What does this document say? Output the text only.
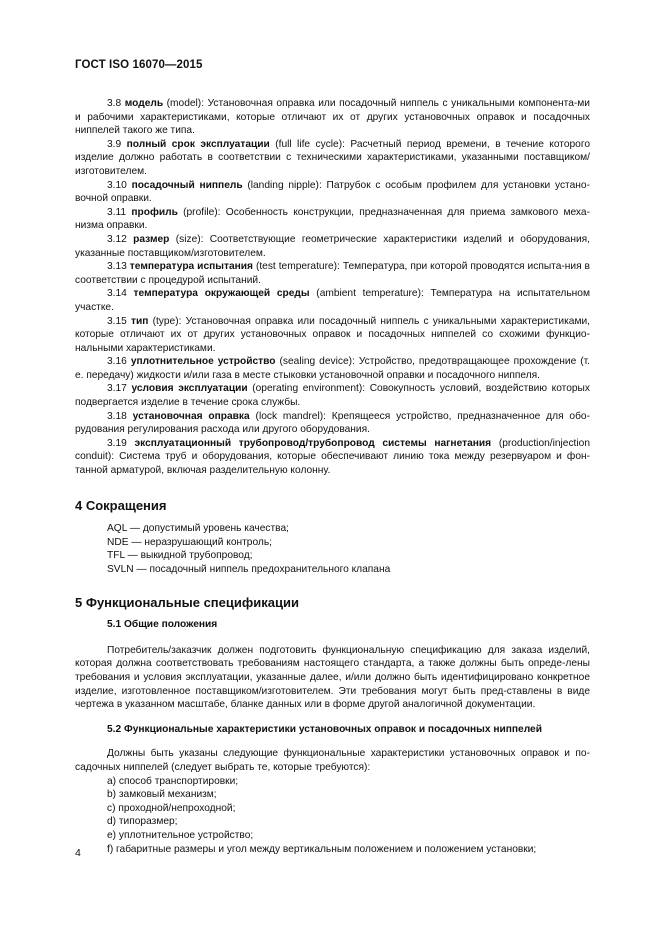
ГОСТ ISO 16070—2015

3.8 модель (model): Установочная оправка или посадочный ниппель с уникальными компонента-ми и рабочими характеристиками, которые отличают их от других установочных оправок и посадочных ниппелей такого же типа.

3.9 полный срок эксплуатации (full life cycle): Расчетный период времени, в течение которого изделие должно работать в соответствии с техническими характеристиками, указанными поставщиком/изготовителем.

3.10 посадочный ниппель (landing nipple): Патрубок с особым профилем для установки устано-вочной оправки.

3.11 профиль (profile): Особенность конструкции, предназначенная для приема замкового меха-низма оправки.

3.12 размер (size): Соответствующие геометрические характеристики изделий и оборудования, указанные поставщиком/изготовителем.

3.13 температура испытания (test temperature): Температура, при которой проводятся испыта-ния в соответствии с процедурой испытаний.

3.14 температура окружающей среды (ambient temperature): Температура на испытательном участке.

3.15 тип (type): Установочная оправка или посадочный ниппель с уникальными характеристиками, которые отличают их от других установочных оправок и посадочных ниппелей со схожими функцио-нальными характеристиками.

3.16 уплотнительное устройство (sealing device): Устройство, предотвращающее прохождение (т. е. передачу) жидкости и/или газа в месте стыковки установочной оправки и посадочного ниппеля.

3.17 условия эксплуатации (operating environment): Совокупность условий, воздействию которых подвергается изделие в течение срока службы.

3.18 установочная оправка (lock mandrel): Крепящееся устройство, предназначенное для обо-рудования регулирования расхода или другого оборудования.

3.19 эксплуатационный трубопровод/трубопровод системы нагнетания (production/injection conduit): Система труб и оборудования, которые обеспечивают линию тока между резервуаром и фон-танной арматурой, включая разделительную колонну.

4 Сокращения

AQL — допустимый уровень качества;

NDE — неразрушающий контроль;

TFL — выкидной трубопровод;

SVLN — посадочный ниппель предохранительного клапана

5 Функциональные спецификации
5.1 Общие положения

Потребитель/заказчик должен подготовить функциональную спецификацию для заказа изделий, которая должна соответствовать требованиям настоящего стандарта, а также должны быть опреде-лены требования и условия эксплуатации, указанные далее, и/или должно быть идентифицировано конкретное изделие, изготовленное поставщиком/изготовителем. Эти требования могут быть пред-ставлены в виде чертежа в указанном масштабе, бланке данных или в форме другой аналогичной документации.

5.2 Функциональные характеристики установочных оправок и посадочных ниппелей

Должны быть указаны следующие функциональные характеристики установочных оправок и по-садочных ниппелей (следует выбрать те, которые требуются):

a) способ транспортировки;

b) замковый механизм;

c) проходной/непроходной;

d) типоразмер;

e) уплотнительное устройство;

f) габаритные размеры и угол между вертикальным положением и положением установки;

4
